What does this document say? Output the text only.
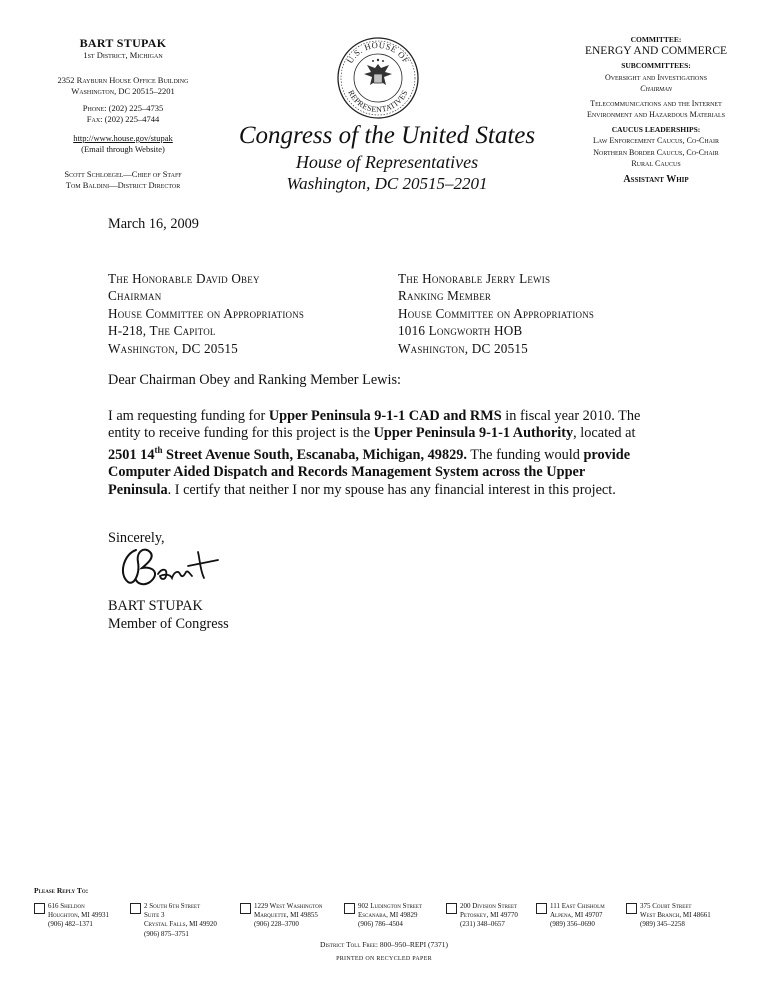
BART STUPAK
1st District, Michigan
2352 Rayburn House Office Building
Washington, DC 20515–2201
Phone: (202) 225–4735
Fax: (202) 225–4744
http://www.house.gov/stupak
(Email through Website)
Scott Schloegel—Chief of Staff
Tom Baldini—District Director
U.S. HOUSE OF
REPRESENTATIVES
Congress of the United States
House of Representatives
Washington, DC 20515–2201
COMMITTEE:
ENERGY AND COMMERCE
SUBCOMMITTEES:
Oversight and Investigations
Chairman
Telecommunications and the Internet
Environment and Hazardous Materials
CAUCUS LEADERSHIPS:
Law Enforcement Caucus, Co-Chair
Northern Border Caucus, Co-Chair
Rural Caucus
Assistant Whip
March 16, 2009
The Honorable David Obey
Chairman
House Committee on Appropriations
H-218, The Capitol
Washington, DC 20515
The Honorable Jerry Lewis
Ranking Member
House Committee on Appropriations
1016 Longworth HOB
Washington, DC 20515
Dear Chairman Obey and Ranking Member Lewis:
I am requesting funding for Upper Peninsula 9-1-1 CAD and RMS in fiscal year 2010. The entity to receive funding for this project is the Upper Peninsula 9-1-1 Authority, located at 2501 14th Street Avenue South, Escanaba, Michigan, 49829. The funding would provide Computer Aided Dispatch and Records Management System across the Upper Peninsula. I certify that neither I nor my spouse has any financial interest in this project.
Sincerely,
BART STUPAK
Member of Congress
Please Reply To:
616 Sheldon
Houghton, MI 49931
(906) 482–1371
2 South 6th Street
Suite 3
Crystal Falls, MI 49920
(906) 875–3751
1229 West Washington
Marquette, MI 49855
(906) 228–3700
902 Ludington Street
Escanaba, MI 49829
(906) 786–4504
200 Division Street
Petoskey, MI 49770
(231) 348–0657
111 East Chisholm
Alpena, MI 49707
(989) 356–0690
375 Court Street
West Branch, MI 48661
(989) 345–2258
District Toll Free: 800–950–REPI (7371)
PRINTED ON RECYCLED PAPER
